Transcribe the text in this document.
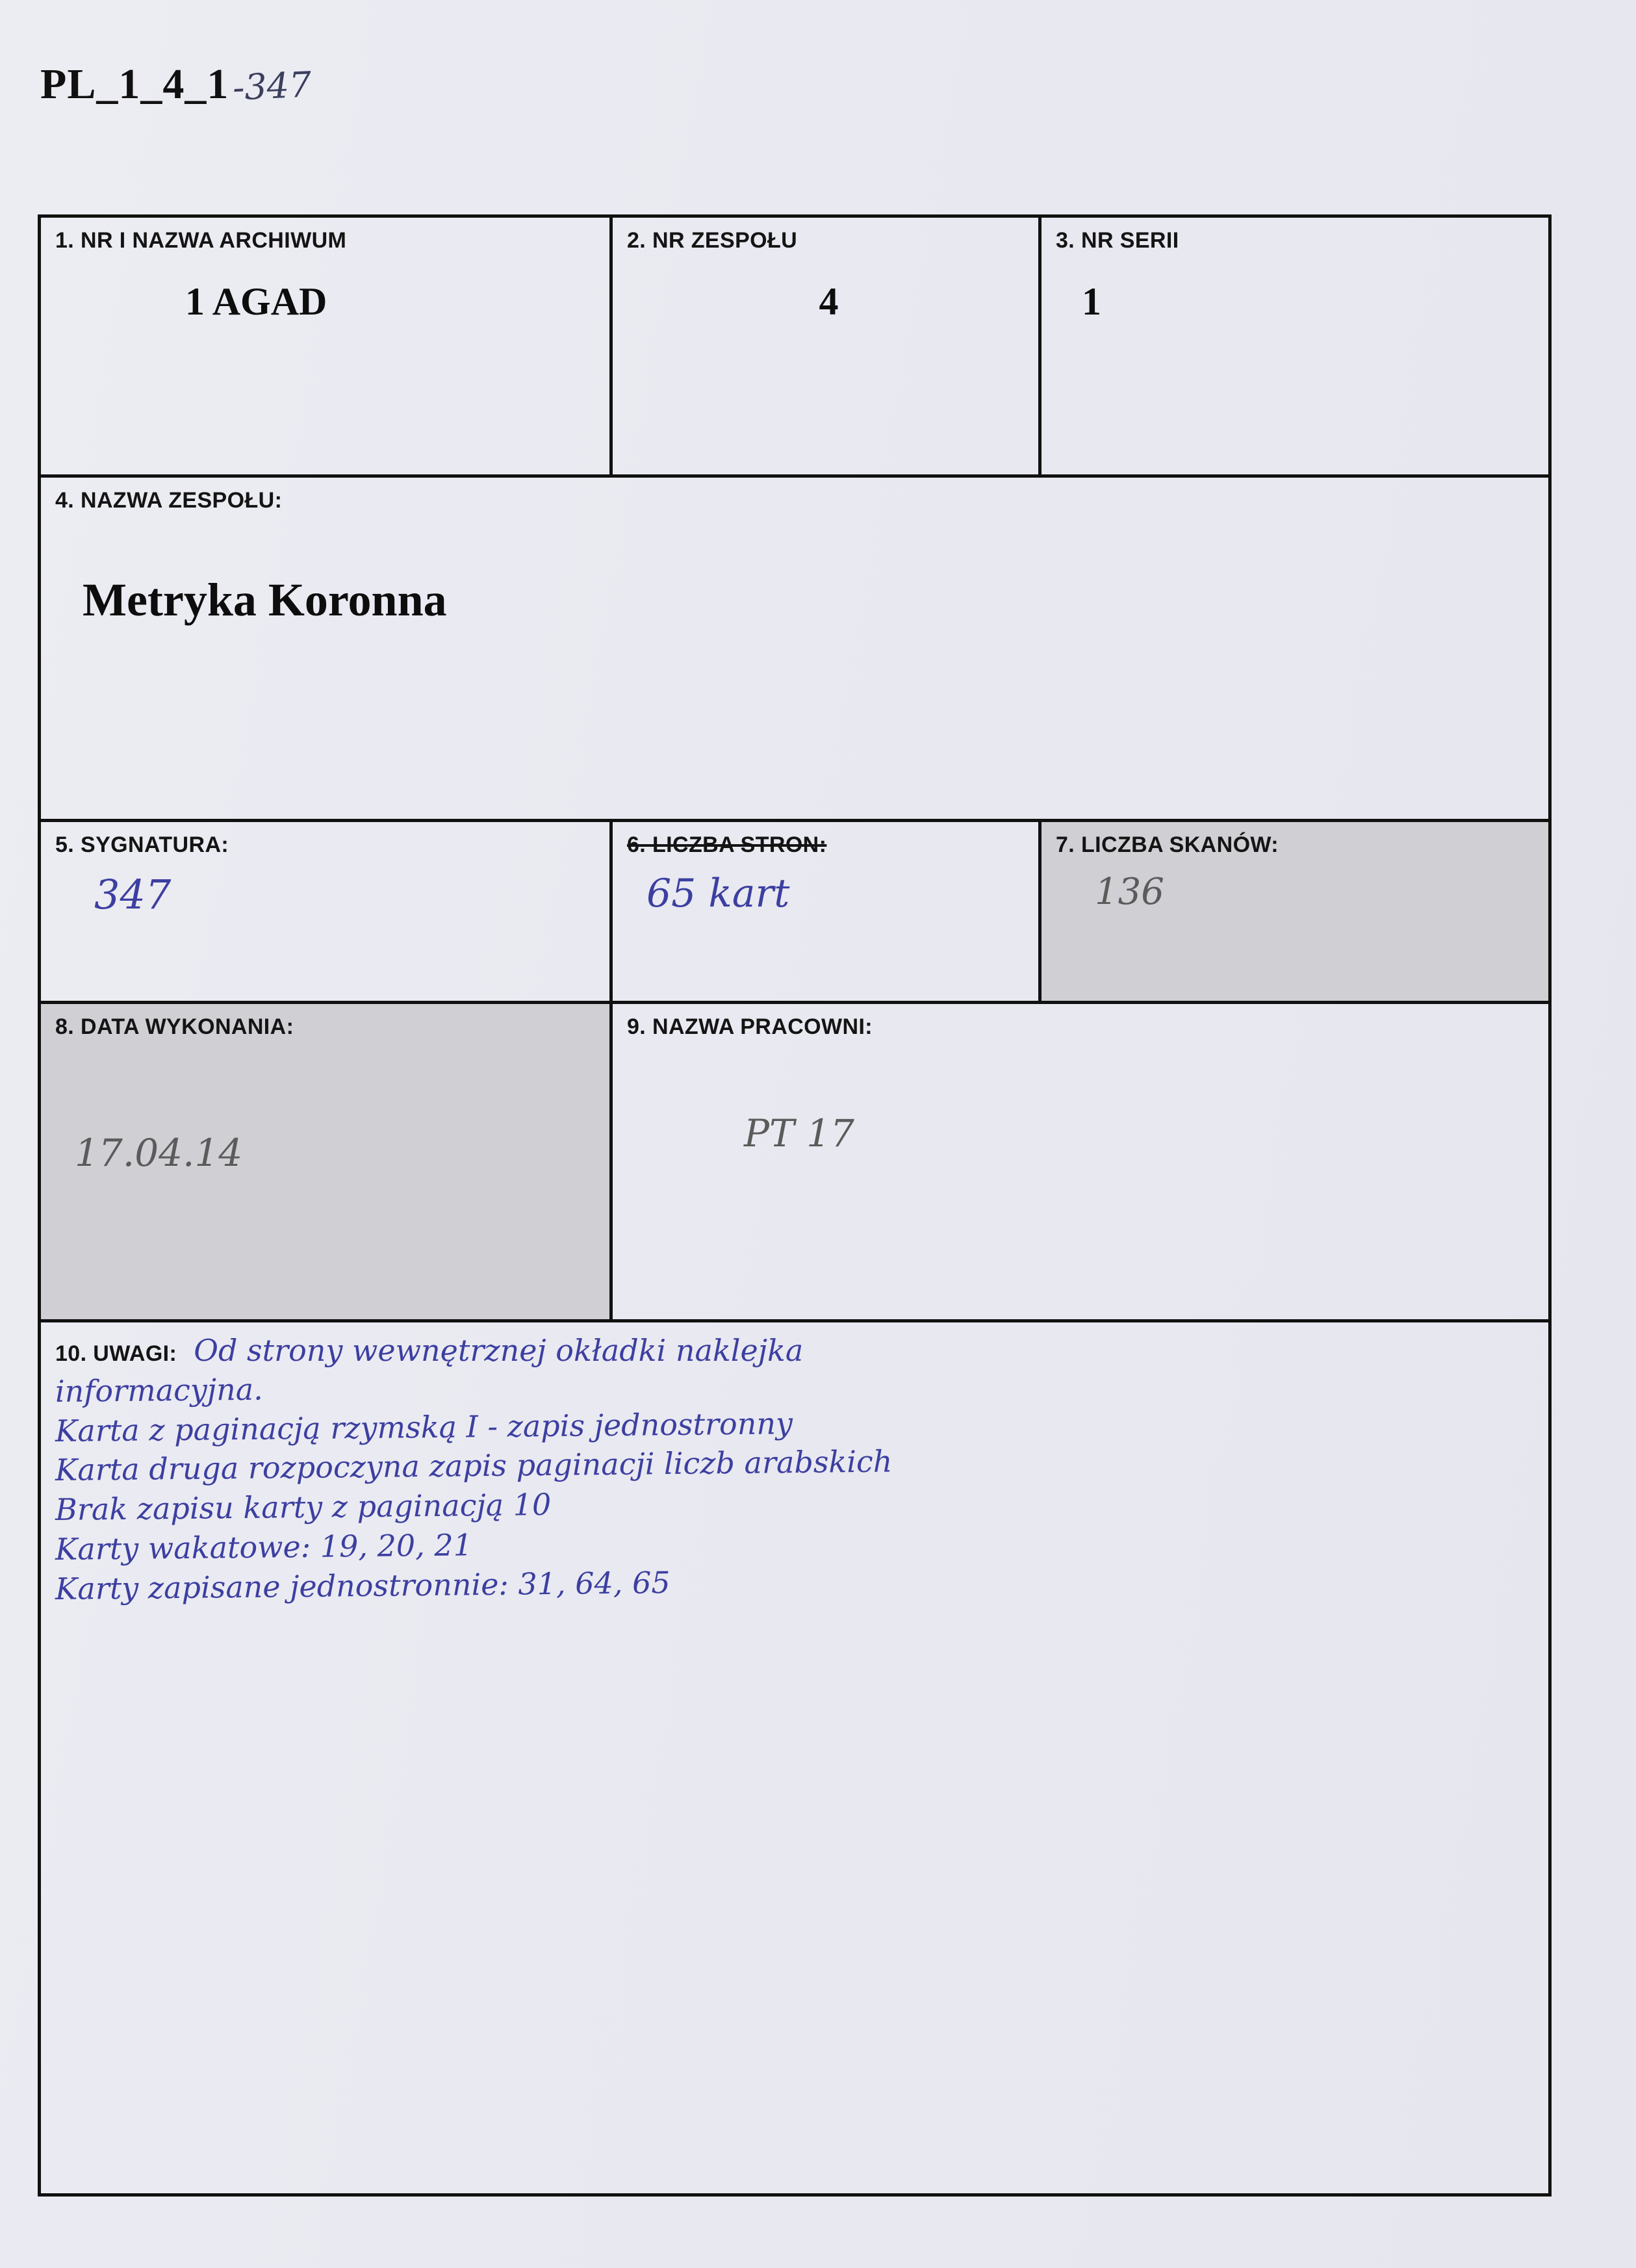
PL_1_4_1 -347
1. NR I NAZWA ARCHIWUM
1 AGAD
2. NR ZESPOŁU
4
3. NR SERII
1
4. NAZWA ZESPOŁU:
Metryka Koronna
5. SYGNATURA:
347
6. LICZBA STRON:
65 kart
7. LICZBA SKANÓW:
136
8. DATA WYKONANIA:
17.04.14
9. NAZWA PRACOWNI:
PT 17
10. UWAGI: Od strony wewnętrznej okładki naklejka
informacyjna.
Karta z paginacją rzymską I - zapis jednostronny
Karta druga rozpoczyna zapis paginacji liczb arabskich
Brak zapisu karty z paginacją 10
Karty wakatowe: 19, 20, 21
Karty zapisane jednostronnie: 31, 64, 65
